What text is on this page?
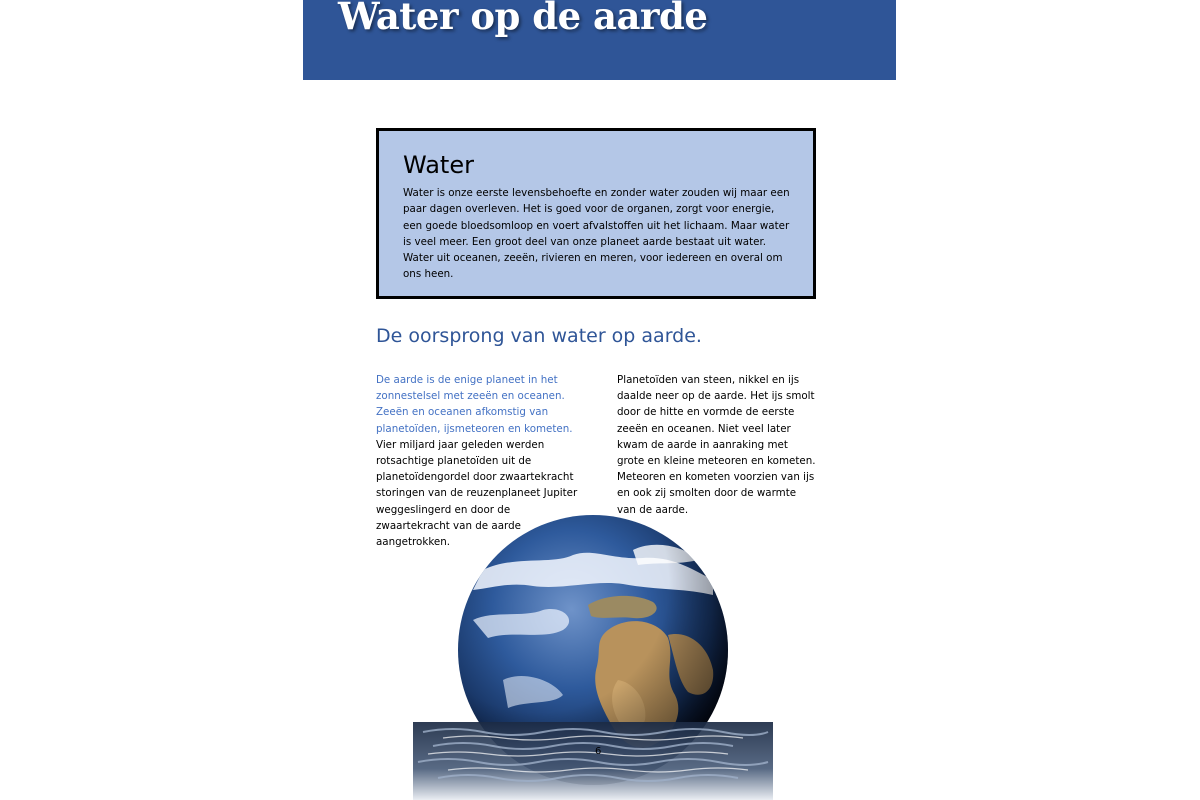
Water op de aarde
Water

Water is onze eerste levensbehoefte en zonder water zouden wij maar een paar dagen overleven. Het is goed voor de organen, zorgt voor energie, een goede bloedsomloop en voert afvalstoffen uit het lichaam. Maar water is veel meer. Een groot deel van onze planeet aarde bestaat uit water. Water uit oceanen, zeeën, rivieren en meren, voor iedereen en overal om ons heen.

De oorsprong van water op aarde.

De aarde is de enige planeet in het zonnestelsel met zeeën en oceanen. Zeeën en oceanen afkomstig van planetoïden, ijsmeteoren en kometen.

Vier miljard jaar geleden werden rotsachtige planetoïden uit de planetoïdengordel door zwaartekracht storingen van de reuzenplaneet Jupiter weggeslingerd en door de zwaartekracht van de aarde aangetrokken.

Planetoïden van steen, nikkel en ijs daalde neer op de aarde. Het ijs smolt door de hitte en vormde de eerste zeeën en oceanen. Niet veel later kwam de aarde in aanraking met grote en kleine meteoren en kometen. Meteoren en kometen voorzien van ijs en ook zij smolten door de warmte van de aarde.

6
